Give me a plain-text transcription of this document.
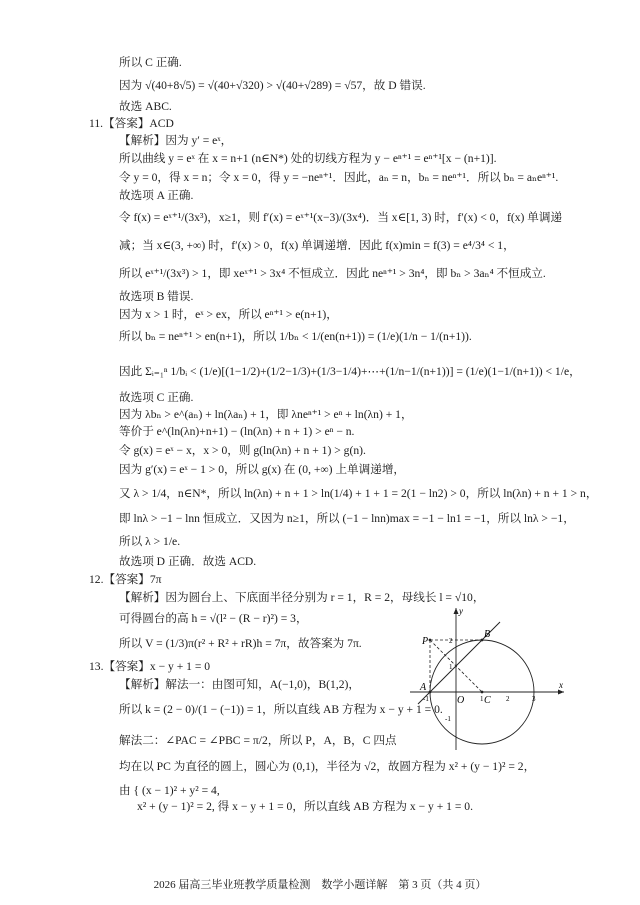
所以 C 正确.
因为 √(40+8√5) = √(40+√320) > √(40+√289) = √57，故 D 错误.
故选 ABC.
11.【答案】ACD
【解析】因为 y′ = eˣ，
所以曲线 y = eˣ 在 x = n+1 (n∈N*) 处的切线方程为 y − eⁿ⁺¹ = eⁿ⁺¹[x − (n+1)].
令 y = 0，得 x = n；令 x = 0，得 y = −neⁿ⁺¹．因此，aₙ = n，bₙ = neⁿ⁺¹．所以 bₙ = aₙeⁿ⁺¹.
故选项 A 正确.
令 f(x) = eˣ⁺¹/(3x³)，x≥1，则 f′(x) = eˣ⁺¹(x−3)/(3x⁴)．当 x∈[1, 3) 时，f′(x) < 0，f(x) 单调递
减；当 x∈(3, +∞) 时，f′(x) > 0，f(x) 单调递增．因此 f(x)min = f(3) = e⁴/3⁴ < 1，
所以 eˣ⁺¹/(3x³) > 1，即 xeˣ⁺¹ > 3x⁴ 不恒成立．因此 neⁿ⁺¹ > 3n⁴，即 bₙ > 3aₙ⁴ 不恒成立.
故选项 B 错误.
因为 x > 1 时，eˣ > ex，所以 eⁿ⁺¹ > e(n+1)，
所以 bₙ = neⁿ⁺¹ > en(n+1)，所以 1/bₙ < 1/(en(n+1)) = (1/e)(1/n − 1/(n+1)).
因此 Σᵢ₌₁ⁿ 1/bᵢ < (1/e)[(1−1/2)+(1/2−1/3)+(1/3−1/4)+⋯+(1/n−1/(n+1))] = (1/e)(1−1/(n+1)) < 1/e，
故选项 C 正确.
因为 λbₙ > e^(aₙ) + ln(λaₙ) + 1，即 λneⁿ⁺¹ > eⁿ + ln(λn) + 1，
等价于 e^(ln(λn)+n+1) − (ln(λn) + n + 1) > eⁿ − n.
令 g(x) = eˣ − x，x > 0，则 g(ln(λn) + n + 1) > g(n).
因为 g′(x) = eˣ − 1 > 0，所以 g(x) 在 (0, +∞) 上单调递增，
又 λ > 1/4，n∈N*，所以 ln(λn) + n + 1 > ln(1/4) + 1 + 1 = 2(1 − ln2) > 0，所以 ln(λn) + n + 1 > n，
即 lnλ > −1 − lnn 恒成立．又因为 n≥1，所以 (−1 − lnn)max = −1 − ln1 = −1，所以 lnλ > −1，
所以 λ > 1/e.
故选项 D 正确．故选 ACD.
12.【答案】7π
【解析】因为圆台上、下底面半径分别为 r = 1，R = 2，母线长 l = √10，
可得圆台的高 h = √(l² − (R − r)²) = 3，
所以 V = (1/3)π(r² + R² + rR)h = 7π，故答案为 7π.
13.【答案】x − y + 1 = 0
【解析】解法一：由图可知，A(−1,0)，B(1,2)，
所以 k = (2 − 0)/(1 − (−1)) = 1，所以直线 AB 方程为 x − y + 1 = 0.
解法二：∠PAC = ∠PBC = π/2，所以 P，A，B，C 四点
均在以 PC 为直径的圆上，圆心为 (0,1)，半径为 √2，故圆方程为 x² + (y − 1)² = 2，
由 { (x − 1)² + y² = 4,
x² + (y − 1)² = 2, 得 x − y + 1 = 0，所以直线 AB 方程为 x − y + 1 = 0.
P
B
A
O C
x
y
2
1
-1
-1	1	2	3
2026 届高三毕业班教学质量检测　数学小题详解　第 3 页（共 4 页）
